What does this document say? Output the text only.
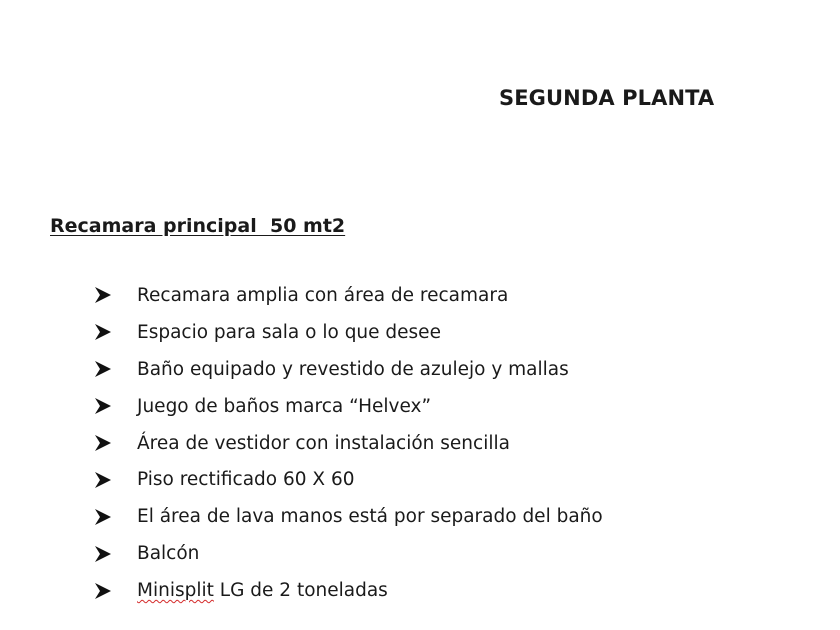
SEGUNDA PLANTA
Recamara principal  50 mt2
Recamara amplia con área de recamara
Espacio para sala o lo que desee
Baño equipado y revestido de azulejo y mallas
Juego de baños marca “Helvex”
Área de vestidor con instalación sencilla
Piso rectificado 60 X 60
El área de lava manos está por separado del baño
Balcón
Minisplit LG de 2 toneladas
